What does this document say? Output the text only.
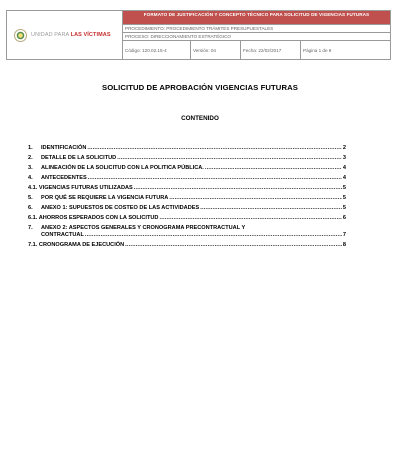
UNIDAD PARA LAS VÍCTIMAS
FORMATO DE JUSTIFICACIÓN Y CONCEPTO TÉCNICO PARA SOLICITUD DE VIGENCIAS FUTURAS
PROCEDIMIENTO: PROCEDIMIENTO TRÁMITES PRESUPUESTALES
PROCESO: DIRECCIONAMIENTO ESTRATÉGICO
Código: 120.02.15-4	Versión: 04	Fecha: 22/02/2017	Página 1 de 9
SOLICITUD DE APROBACIÓN VIGENCIAS FUTURAS
CONTENIDO
1. IDENTIFICACIÓN .....	2
2. DETALLE DE LA SOLICITUD .....	3
3. ALINEACIÓN DE LA SOLICITUD CON LA POLITICA PÚBLICA. .....	4
4. ANTECEDENTES .....	4
4.1. VIGENCIAS FUTURAS UTILIZADAS .....	5
5. POR QUÉ SE REQUIERE LA VIGENCIA FUTURA .....	5
6. ANEXO 1: SUPUESTOS DE COSTEO DE LAS ACTIVIDADES .....	5
6.1. AHORROS ESPERADOS CON LA SOLICITUD .....	6
7. ANEXO 2: ASPECTOS GENERALES Y CRONOGRAMA PRECONTRACTUAL Y
CONTRACTUAL .....	7
7.1. CRONOGRAMA DE EJECUCIÓN .....	8
